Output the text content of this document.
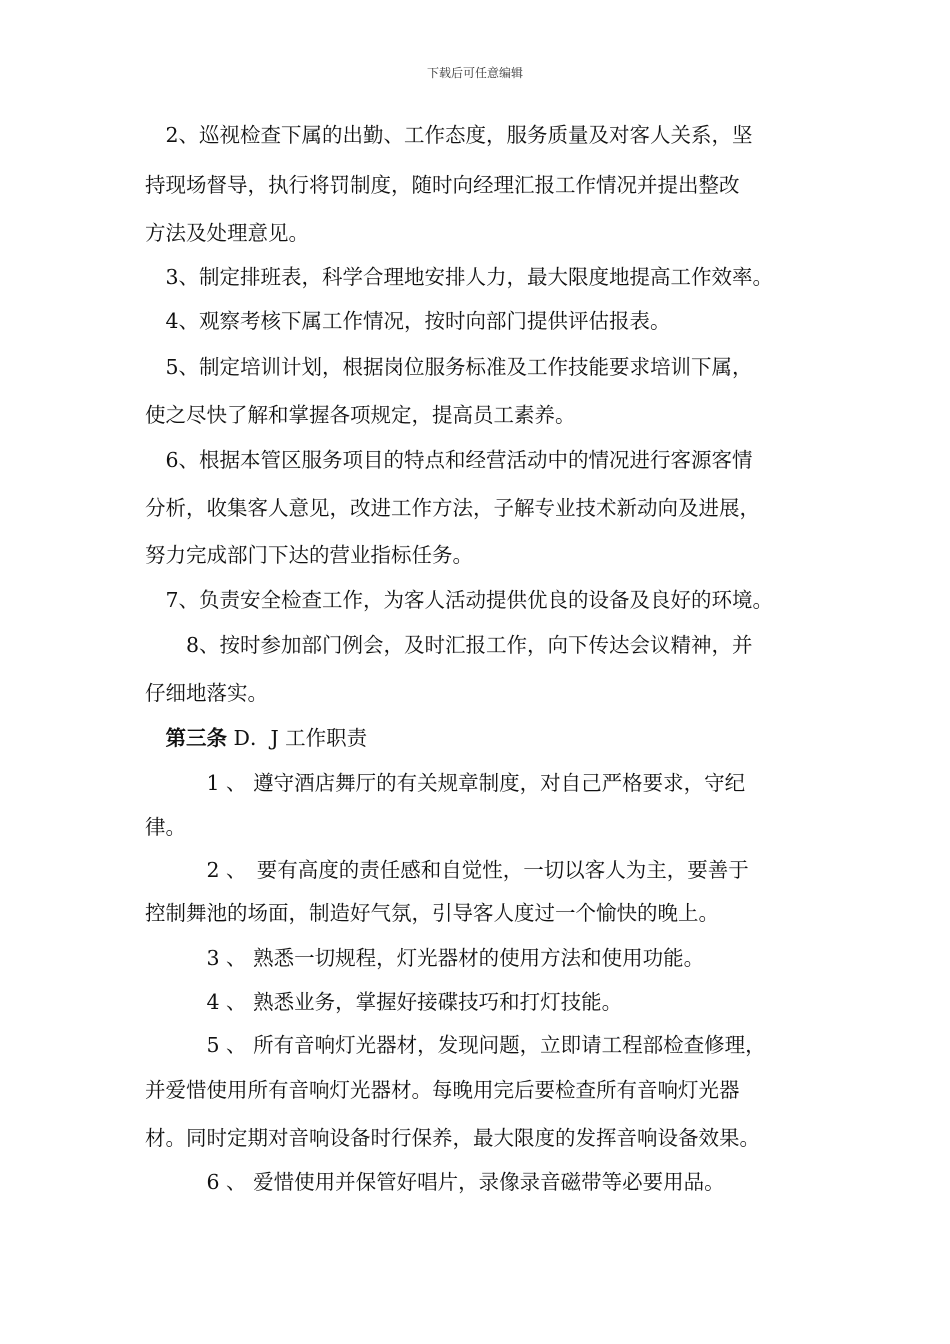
下载后可任意编辑

　2、巡视检查下属的出勤、工作态度，服务质量及对客人关系，坚

持现场督导，执行将罚制度，随时向经理汇报工作情况并提出整改

方法及处理意见。

　3、制定排班表，科学合理地安排人力，最大限度地提高工作效率。

　4、观察考核下属工作情况，按时向部门提供评估报表。

　5、制定培训计划，根据岗位服务标准及工作技能要求培训下属，

使之尽快了解和掌握各项规定，提高员工素养。

　6、根据本管区服务项目的特点和经营活动中的情况进行客源客情

分析，收集客人意见，改进工作方法，子解专业技术新动向及进展，

努力完成部门下达的营业指标任务。

　7、负责安全检查工作，为客人活动提供优良的设备及良好的环境。

　　8、按时参加部门例会，及时汇报工作，向下传达会议精神，并

仔细地落实。

　第三条 D．J 工作职责

　　　1 、 遵守酒店舞厅的有关规章制度，对自己严格要求，守纪

律。

　　　2 、　要有高度的责任感和自觉性，一切以客人为主，要善于

控制舞池的场面，制造好气氛，引导客人度过一个愉快的晚上。

　　　3 、 熟悉一切规程，灯光器材的使用方法和使用功能。

　　　4 、 熟悉业务，掌握好接碟技巧和打灯技能。

　　　5 、 所有音响灯光器材，发现问题，立即请工程部检查修理，

并爱惜使用所有音响灯光器材。每晚用完后要检查所有音响灯光器

材。同时定期对音响设备时行保养，最大限度的发挥音响设备效果。

　　　6 、 爱惜使用并保管好唱片，录像录音磁带等必要用品。
